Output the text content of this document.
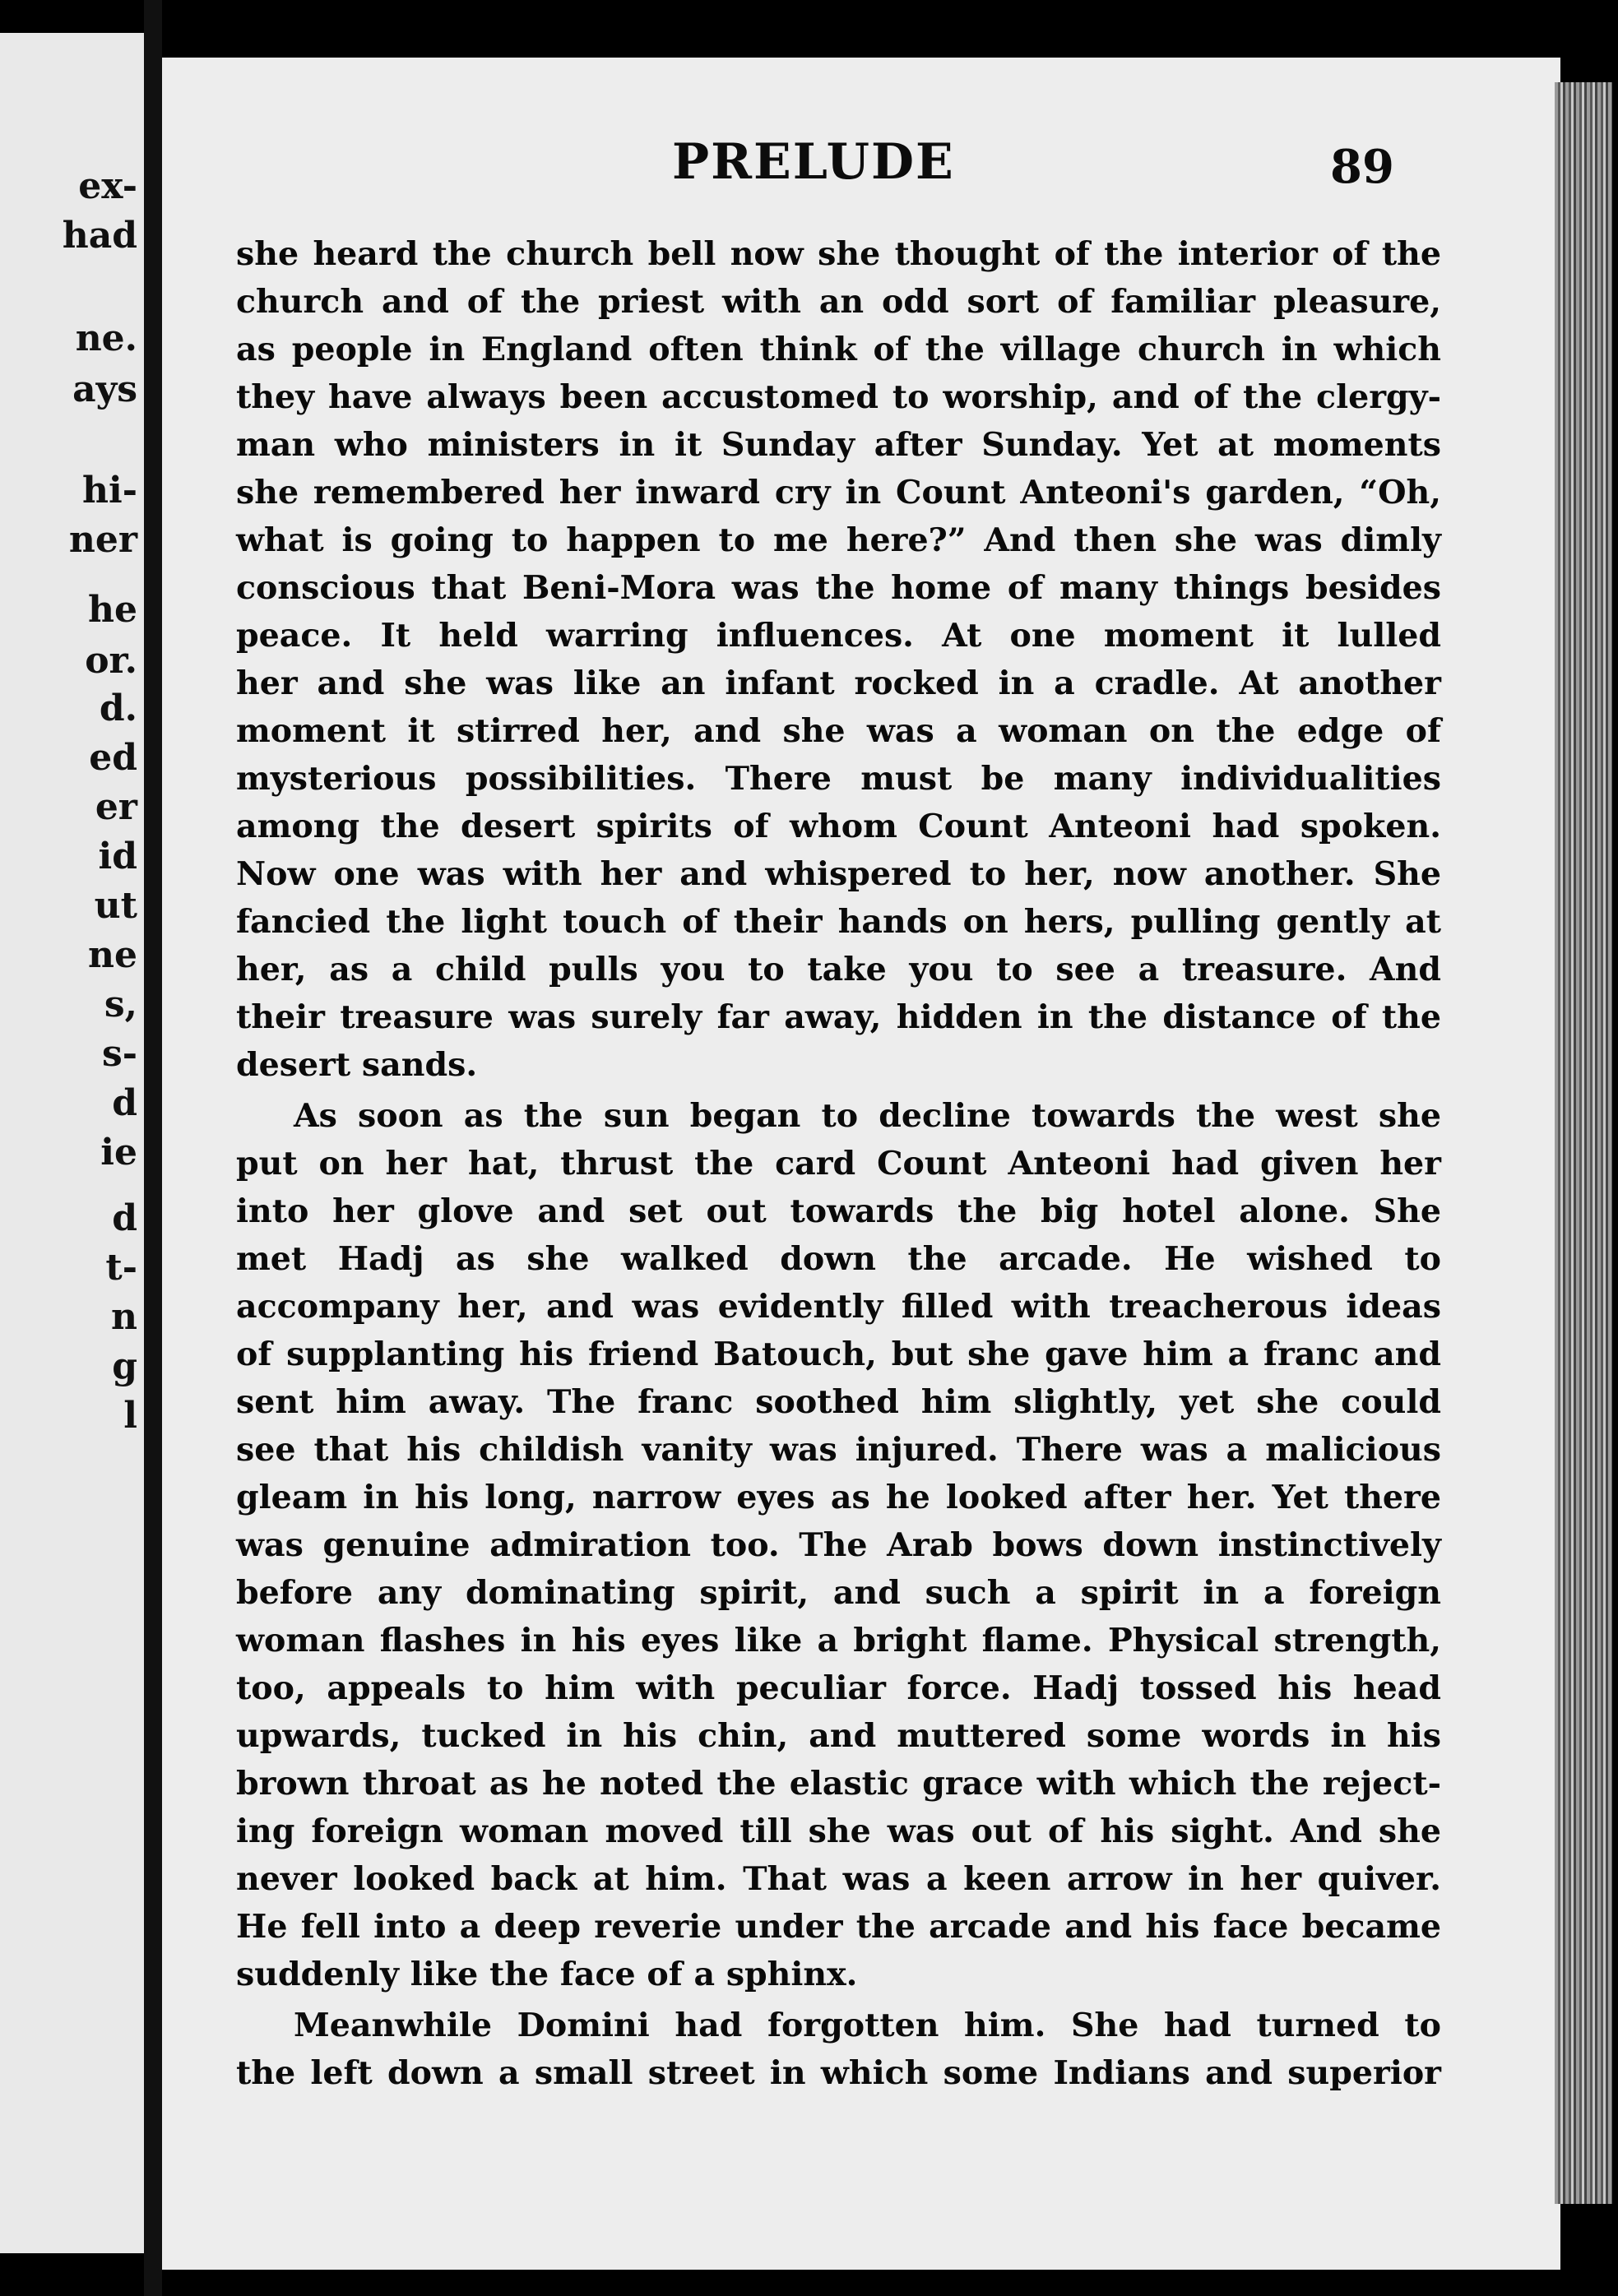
ex-
had
ne.
ays
hi-
ner
he
or.
d.
ed
er
id
ut
ne
s,
s-
d
ie
d
t-
n
g
l
PRELUDE	89
she heard the church bell now she thought of the interior of the
church and of the priest with an odd sort of familiar pleasure,
as people in England often think of the village church in which
they have always been accustomed to worship, and of the clergy-
man who ministers in it Sunday after Sunday. Yet at moments
she remembered her inward cry in Count Anteoni's garden, “Oh,
what is going to happen to me here?” And then she was dimly
conscious that Beni-Mora was the home of many things besides
peace. It held warring influences. At one moment it lulled
her and she was like an infant rocked in a cradle. At another
moment it stirred her, and she was a woman on the edge of
mysterious possibilities. There must be many individualities
among the desert spirits of whom Count Anteoni had spoken.
Now one was with her and whispered to her, now another. She
fancied the light touch of their hands on hers, pulling gently at
her, as a child pulls you to take you to see a treasure. And
their treasure was surely far away, hidden in the distance of the
desert sands.
As soon as the sun began to decline towards the west she
put on her hat, thrust the card Count Anteoni had given her
into her glove and set out towards the big hotel alone. She
met Hadj as she walked down the arcade. He wished to
accompany her, and was evidently filled with treacherous ideas
of supplanting his friend Batouch, but she gave him a franc and
sent him away. The franc soothed him slightly, yet she could
see that his childish vanity was injured. There was a malicious
gleam in his long, narrow eyes as he looked after her. Yet there
was genuine admiration too. The Arab bows down instinctively
before any dominating spirit, and such a spirit in a foreign
woman flashes in his eyes like a bright flame. Physical strength,
too, appeals to him with peculiar force. Hadj tossed his head
upwards, tucked in his chin, and muttered some words in his
brown throat as he noted the elastic grace with which the reject-
ing foreign woman moved till she was out of his sight. And she
never looked back at him. That was a keen arrow in her quiver.
He fell into a deep reverie under the arcade and his face became
suddenly like the face of a sphinx.
Meanwhile Domini had forgotten him. She had turned to
the left down a small street in which some Indians and superior
